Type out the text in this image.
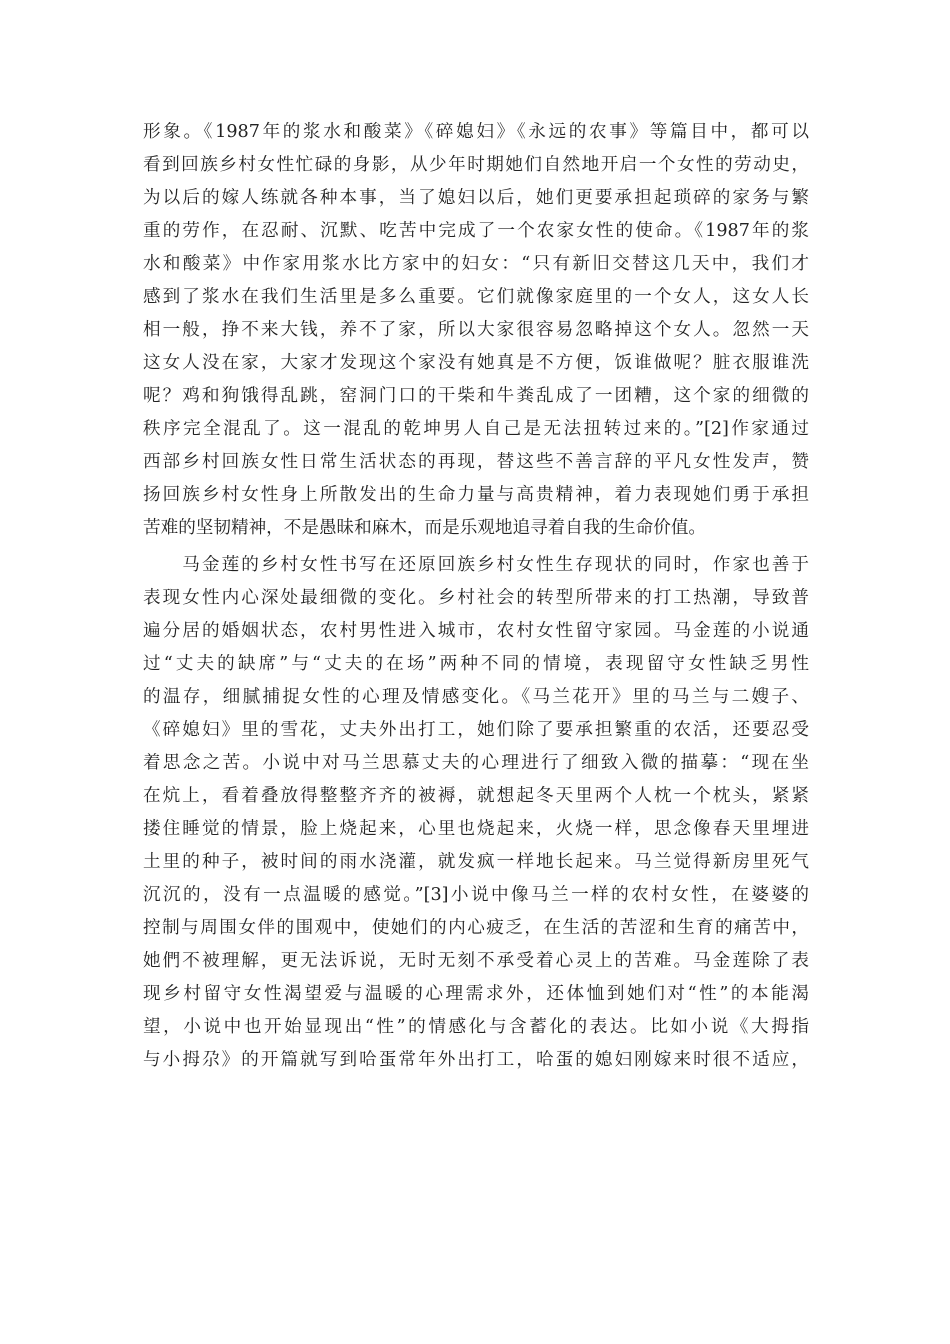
形象。《1987年的浆水和酸菜》《碎媳妇》《永远的农事》等篇目中，都可以
看到回族乡村女性忙碌的身影，从少年时期她们自然地开启一个女性的劳动史，
为以后的嫁人练就各种本事，当了媳妇以后，她们更要承担起琐碎的家务与繁
重的劳作，在忍耐、沉默、吃苦中完成了一个农家女性的使命。《1987年的浆
水和酸菜》中作家用浆水比方家中的妇女：“只有新旧交替这几天中，我们才
感到了浆水在我们生活里是多么重要。它们就像家庭里的一个女人，这女人长
相一般，挣不来大钱，养不了家，所以大家很容易忽略掉这个女人。忽然一天
这女人没在家，大家才发现这个家没有她真是不方便，饭谁做呢？脏衣服谁洗
呢？鸡和狗饿得乱跳，窑洞门口的干柴和牛粪乱成了一团糟，这个家的细微的
秩序完全混乱了。这一混乱的乾坤男人自己是无法扭转过来的。”[2]作家通过
西部乡村回族女性日常生活状态的再现，替这些不善言辞的平凡女性发声，赞
扬回族乡村女性身上所散发出的生命力量与高贵精神，着力表现她们勇于承担
苦难的坚韧精神，不是愚昧和麻木，而是乐观地追寻着自我的生命价值。
　　马金莲的乡村女性书写在还原回族乡村女性生存现状的同时，作家也善于
表现女性内心深处最细微的变化。乡村社会的转型所带来的打工热潮，导致普
遍分居的婚姻状态，农村男性进入城市，农村女性留守家园。马金莲的小说通
过“丈夫的缺席”与“丈夫的在场”两种不同的情境，表现留守女性缺乏男性
的温存，细腻捕捉女性的心理及情感变化。《马兰花开》里的马兰与二嫂子、
《碎媳妇》里的雪花，丈夫外出打工，她们除了要承担繁重的农活，还要忍受
着思念之苦。小说中对马兰思慕丈夫的心理进行了细致入微的描摹：“现在坐
在炕上，看着叠放得整整齐齐的被褥，就想起冬天里两个人枕一个枕头，紧紧
搂住睡觉的情景，脸上烧起来，心里也烧起来，火烧一样，思念像春天里埋进
土里的种子，被时间的雨水浇灌，就发疯一样地长起来。马兰觉得新房里死气
沉沉的，没有一点温暖的感觉。”[3]小说中像马兰一样的农村女性，在婆婆的
控制与周围女伴的围观中，使她们的内心疲乏，在生活的苦涩和生育的痛苦中，
她們不被理解，更无法诉说，无时无刻不承受着心灵上的苦难。马金莲除了表
现乡村留守女性渴望爱与温暖的心理需求外，还体恤到她们对“性”的本能渴
望，小说中也开始显现出“性”的情感化与含蓄化的表达。比如小说《大拇指
与小拇尕》的开篇就写到哈蛋常年外出打工，哈蛋的媳妇刚嫁来时很不适应，
